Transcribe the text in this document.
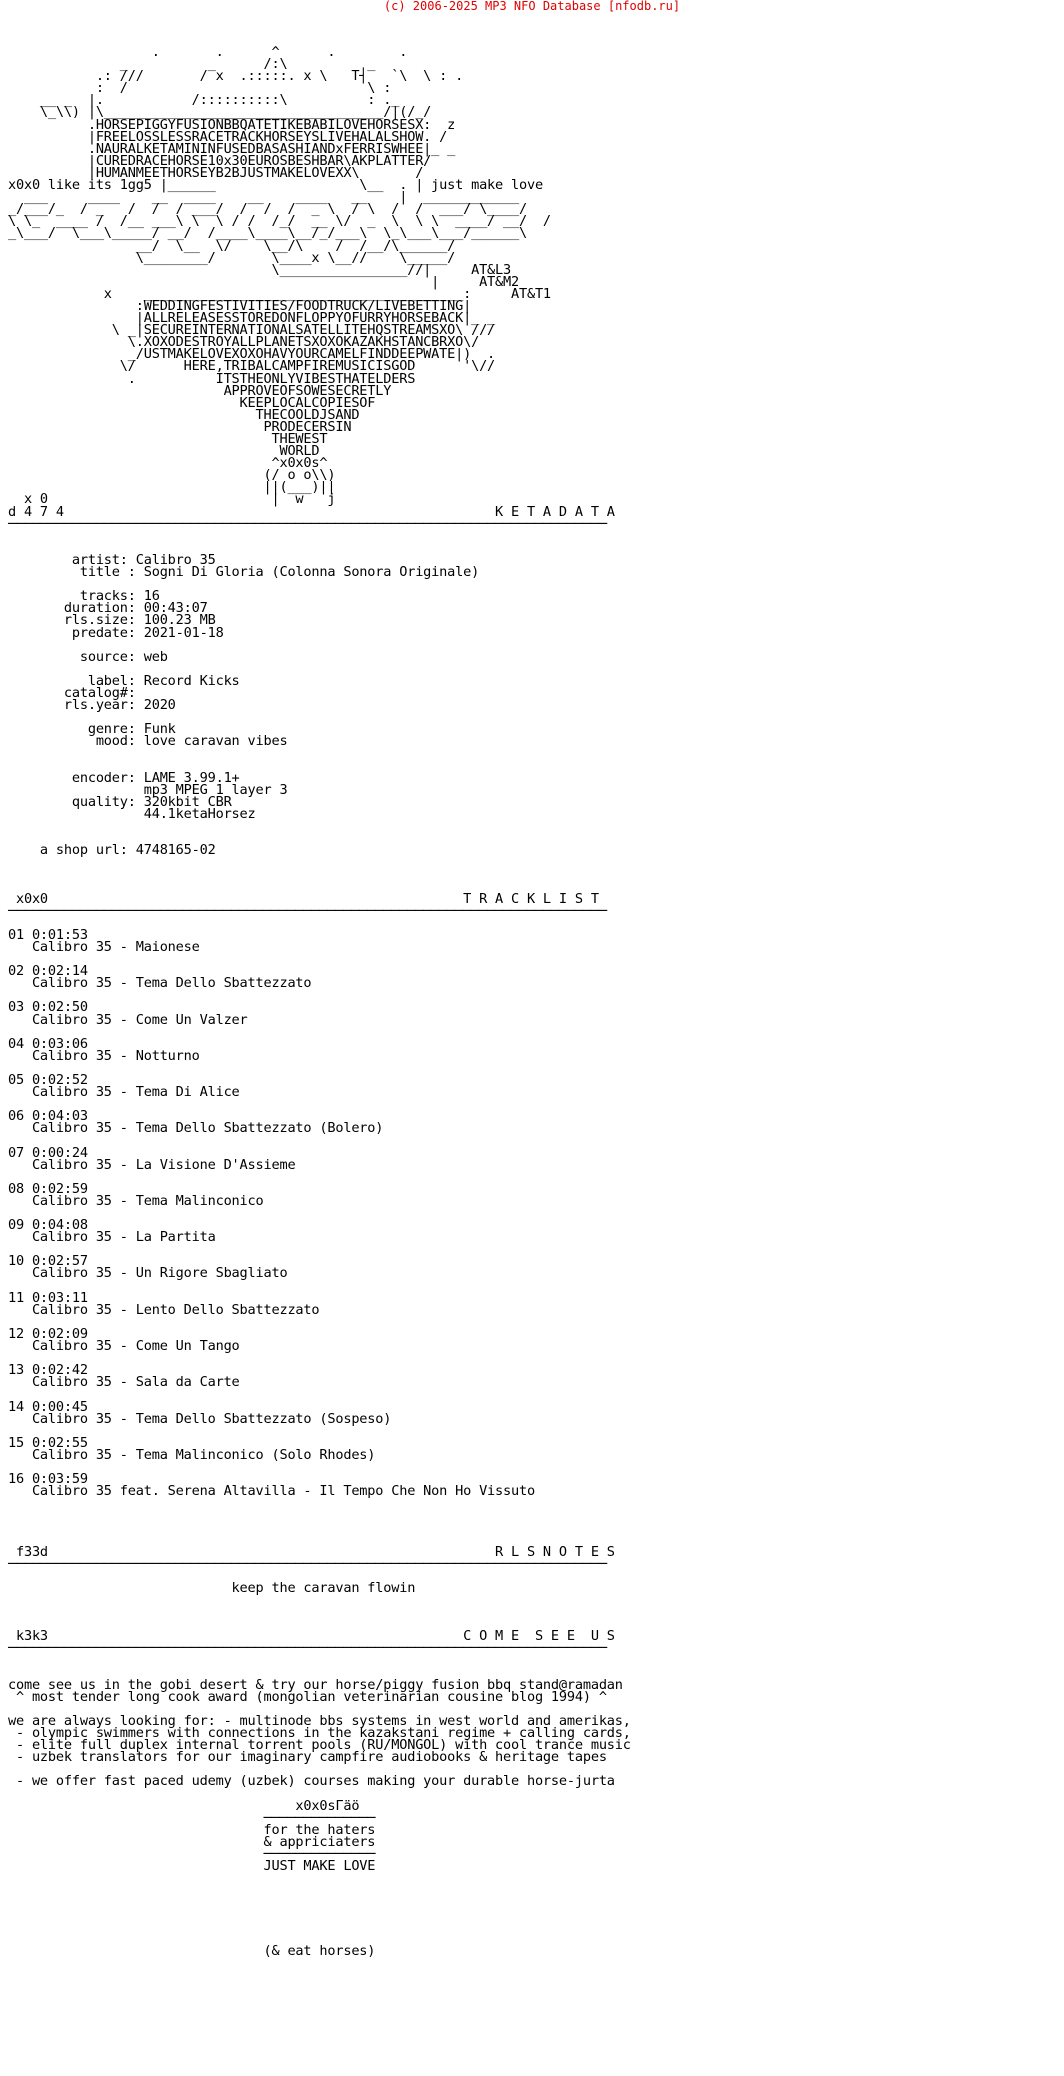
(c) 2006-2025 MP3 NFO Database [nfodb.ru]
.       .      ^      .        .
_          _      /:\          _
.: ///       / x  .:::::. x \   T┤   `\  \ : .
:  /                              \ :
__ _  |.           /::::::::::\          : ._
\_\\) |\___________________________________/|(/_/
.HORSEPIGGYFUSIONBBQATETIKEBABILOVEHORSESX:  z
|FREELOSSLESSRACETRACKHORSEYSLIVEHALALSHOW. /
.NAURALKETAMININFUSEDBASASHIANDxFERRISWHEE|_ _
|CUREDRACEHORSE10x30EUROSBESHBAR\AKPLATTER/
|HUMANMEETHORSEYB2BJUSTMAKELOVEXX\       /
x0x0 like its 1gg5 |______                  \__  . | just make love
___     ____    __  ____    __    ____   __    |  ____________
_/___/_  / _   /  /  / ___/  /  /  /  _ \  / \  /  /  ___/ \____/
\ \_  ____ /  /__ ___\ \  \ / /  /_/  __ \/  _  \  \ \  ____/ __/  /
_\___/  \___\_____/ __/  /____\____\__/_/___\  \_\___\___/______\
__/  \__  \/    \__/\    /  /__/\______/
\________/       \____x \__//    \_____/
\________________//|     AT&L3
|     AT&M2
x    ________________________________________:     AT&T1
:WEDDINGFESTIVITIES/FOODTRUCK/LIVEBETTING|
|ALLRELEASESSTOREDONFLOPPYOFURRYHORSEBACK|_ _
\ _|SECUREINTERNATIONALSATELLITEHQSTREAMSXO\ ///
\.XOXODESTROYALLPLANETSXOXOKAZAKHSTANCBRXO\/
_/USTMAKELOVEXOXOHAVYOURCAMELFINDDEEPWATE|)  .
\/      HERE,TRIBALCAMPFIREMUSICISGOD      '\//
.          ITSTHEONLYVIBESTHATELDERS
APPROVEOFSOWESECRETLY
KEEPLOCALCOPIESOF
THECOOLDJSAND
PRODECERSIN
THEWEST
WORLD
^x0x0s^
(/ o o\\)
||(___)||
x 0                            |  w   j
d 4 7 4                                                      K E T A D A T A
───────────────────────────────────────────────────────────────────────────

artist: Calibro 35
title : Sogni Di Gloria (Colonna Sonora Originale)

tracks: 16
duration: 00:43:07
rls.size: 100.23 MB
predate: 2021-01-18

source: web

label: Record Kicks
catalog#:
rls.year: 2020

genre: Funk
mood: love caravan vibes

encoder: LAME 3.99.1+
mp3 MPEG 1 layer 3
quality: 320kbit CBR
44.1ketaHorsez

a shop url: 4748165-02

x0x0                                                    T R A C K L I S T
───────────────────────────────────────────────────────────────────────────

01 0:01:53
Calibro 35 - Maionese

02 0:02:14
Calibro 35 - Tema Dello Sbattezzato

03 0:02:50
Calibro 35 - Come Un Valzer

04 0:03:06
Calibro 35 - Notturno

05 0:02:52
Calibro 35 - Tema Di Alice

06 0:04:03
Calibro 35 - Tema Dello Sbattezzato (Bolero)

07 0:00:24
Calibro 35 - La Visione D'Assieme

08 0:02:59
Calibro 35 - Tema Malinconico

09 0:04:08
Calibro 35 - La Partita

10 0:02:57
Calibro 35 - Un Rigore Sbagliato

11 0:03:11
Calibro 35 - Lento Dello Sbattezzato

12 0:02:09
Calibro 35 - Come Un Tango

13 0:02:42
Calibro 35 - Sala da Carte

14 0:00:45
Calibro 35 - Tema Dello Sbattezzato (Sospeso)

15 0:02:55
Calibro 35 - Tema Malinconico (Solo Rhodes)

16 0:03:59
Calibro 35 feat. Serena Altavilla - Il Tempo Che Non Ho Vissuto

f33d                                                        R L S N O T E S
───────────────────────────────────────────────────────────────────────────

keep the caravan flowin

k3k3                                                    C O M E  S E E  U S
───────────────────────────────────────────────────────────────────────────

come see us in the gobi desert & try our horse/piggy fusion bbq stand@ramadan
^ most tender long cook award (mongolian veterinarian cousine blog 1994) ^

we are always looking for: - multinode bbs systems in west world and amerikas,
- olympic swimmers with connections in the kazakstani regime + calling cards,
- elite full duplex internal torrent pools (RU/MONGOL) with cool trance music
- uzbek translators for our imaginary campfire audiobooks & heritage tapes

- we offer fast paced udemy (uzbek) courses making your durable horse-jurta

x0x0sГäö
──────────────
for the haters
& appriciaters
──────────────
JUST MAKE LOVE

(& eat horses)
